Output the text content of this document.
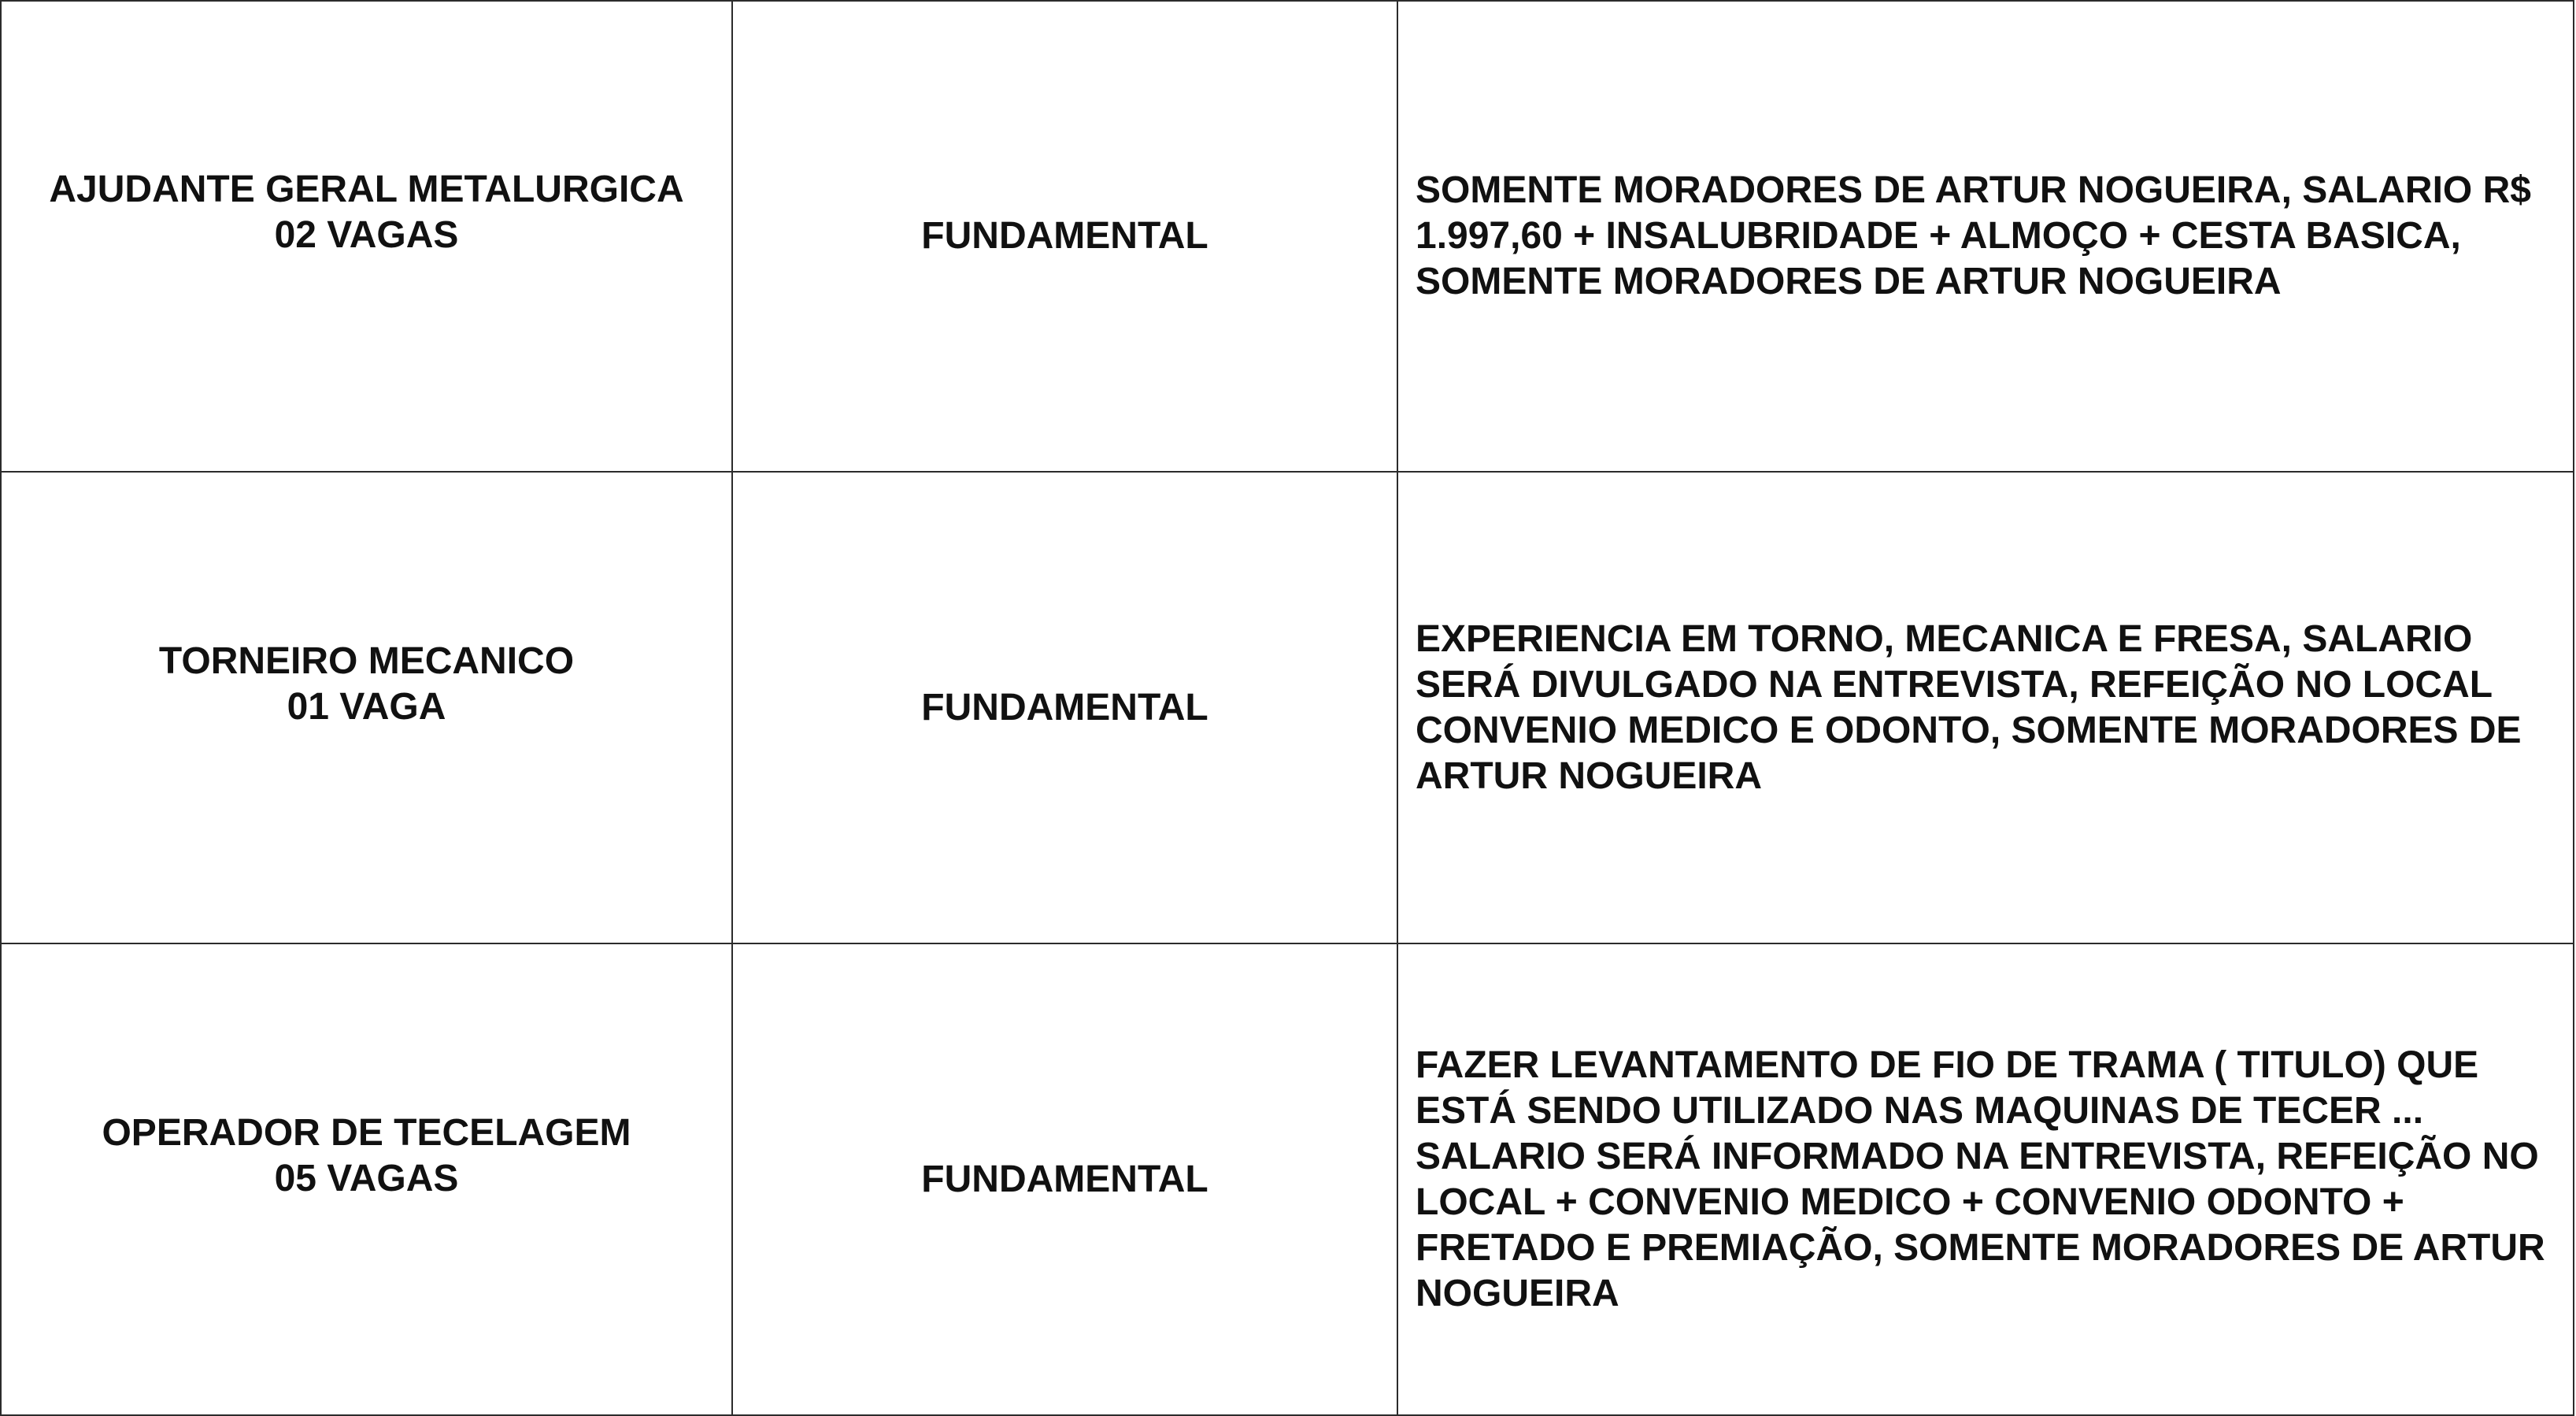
AJUDANTE GERAL METALURGICA
02 VAGAS	FUNDAMENTAL	SOMENTE MORADORES DE ARTUR NOGUEIRA, SALARIO R$ 1.997,60 + INSALUBRIDADE + ALMOÇO + CESTA BASICA, SOMENTE MORADORES DE ARTUR NOGUEIRA

TORNEIRO MECANICO
01 VAGA	FUNDAMENTAL	EXPERIENCIA EM TORNO, MECANICA E FRESA, SALARIO SERÁ DIVULGADO NA ENTREVISTA, REFEIÇÃO NO LOCAL CONVENIO MEDICO E ODONTO, SOMENTE MORADORES DE ARTUR NOGUEIRA

OPERADOR DE TECELAGEM
05 VAGAS	FUNDAMENTAL	FAZER LEVANTAMENTO DE FIO DE TRAMA ( TITULO) QUE ESTÁ SENDO UTILIZADO NAS MAQUINAS DE TECER ... SALARIO SERÁ INFORMADO NA ENTREVISTA, REFEIÇÃO NO LOCAL + CONVENIO MEDICO + CONVENIO ODONTO + FRETADO E PREMIAÇÃO, SOMENTE MORADORES DE ARTUR NOGUEIRA
